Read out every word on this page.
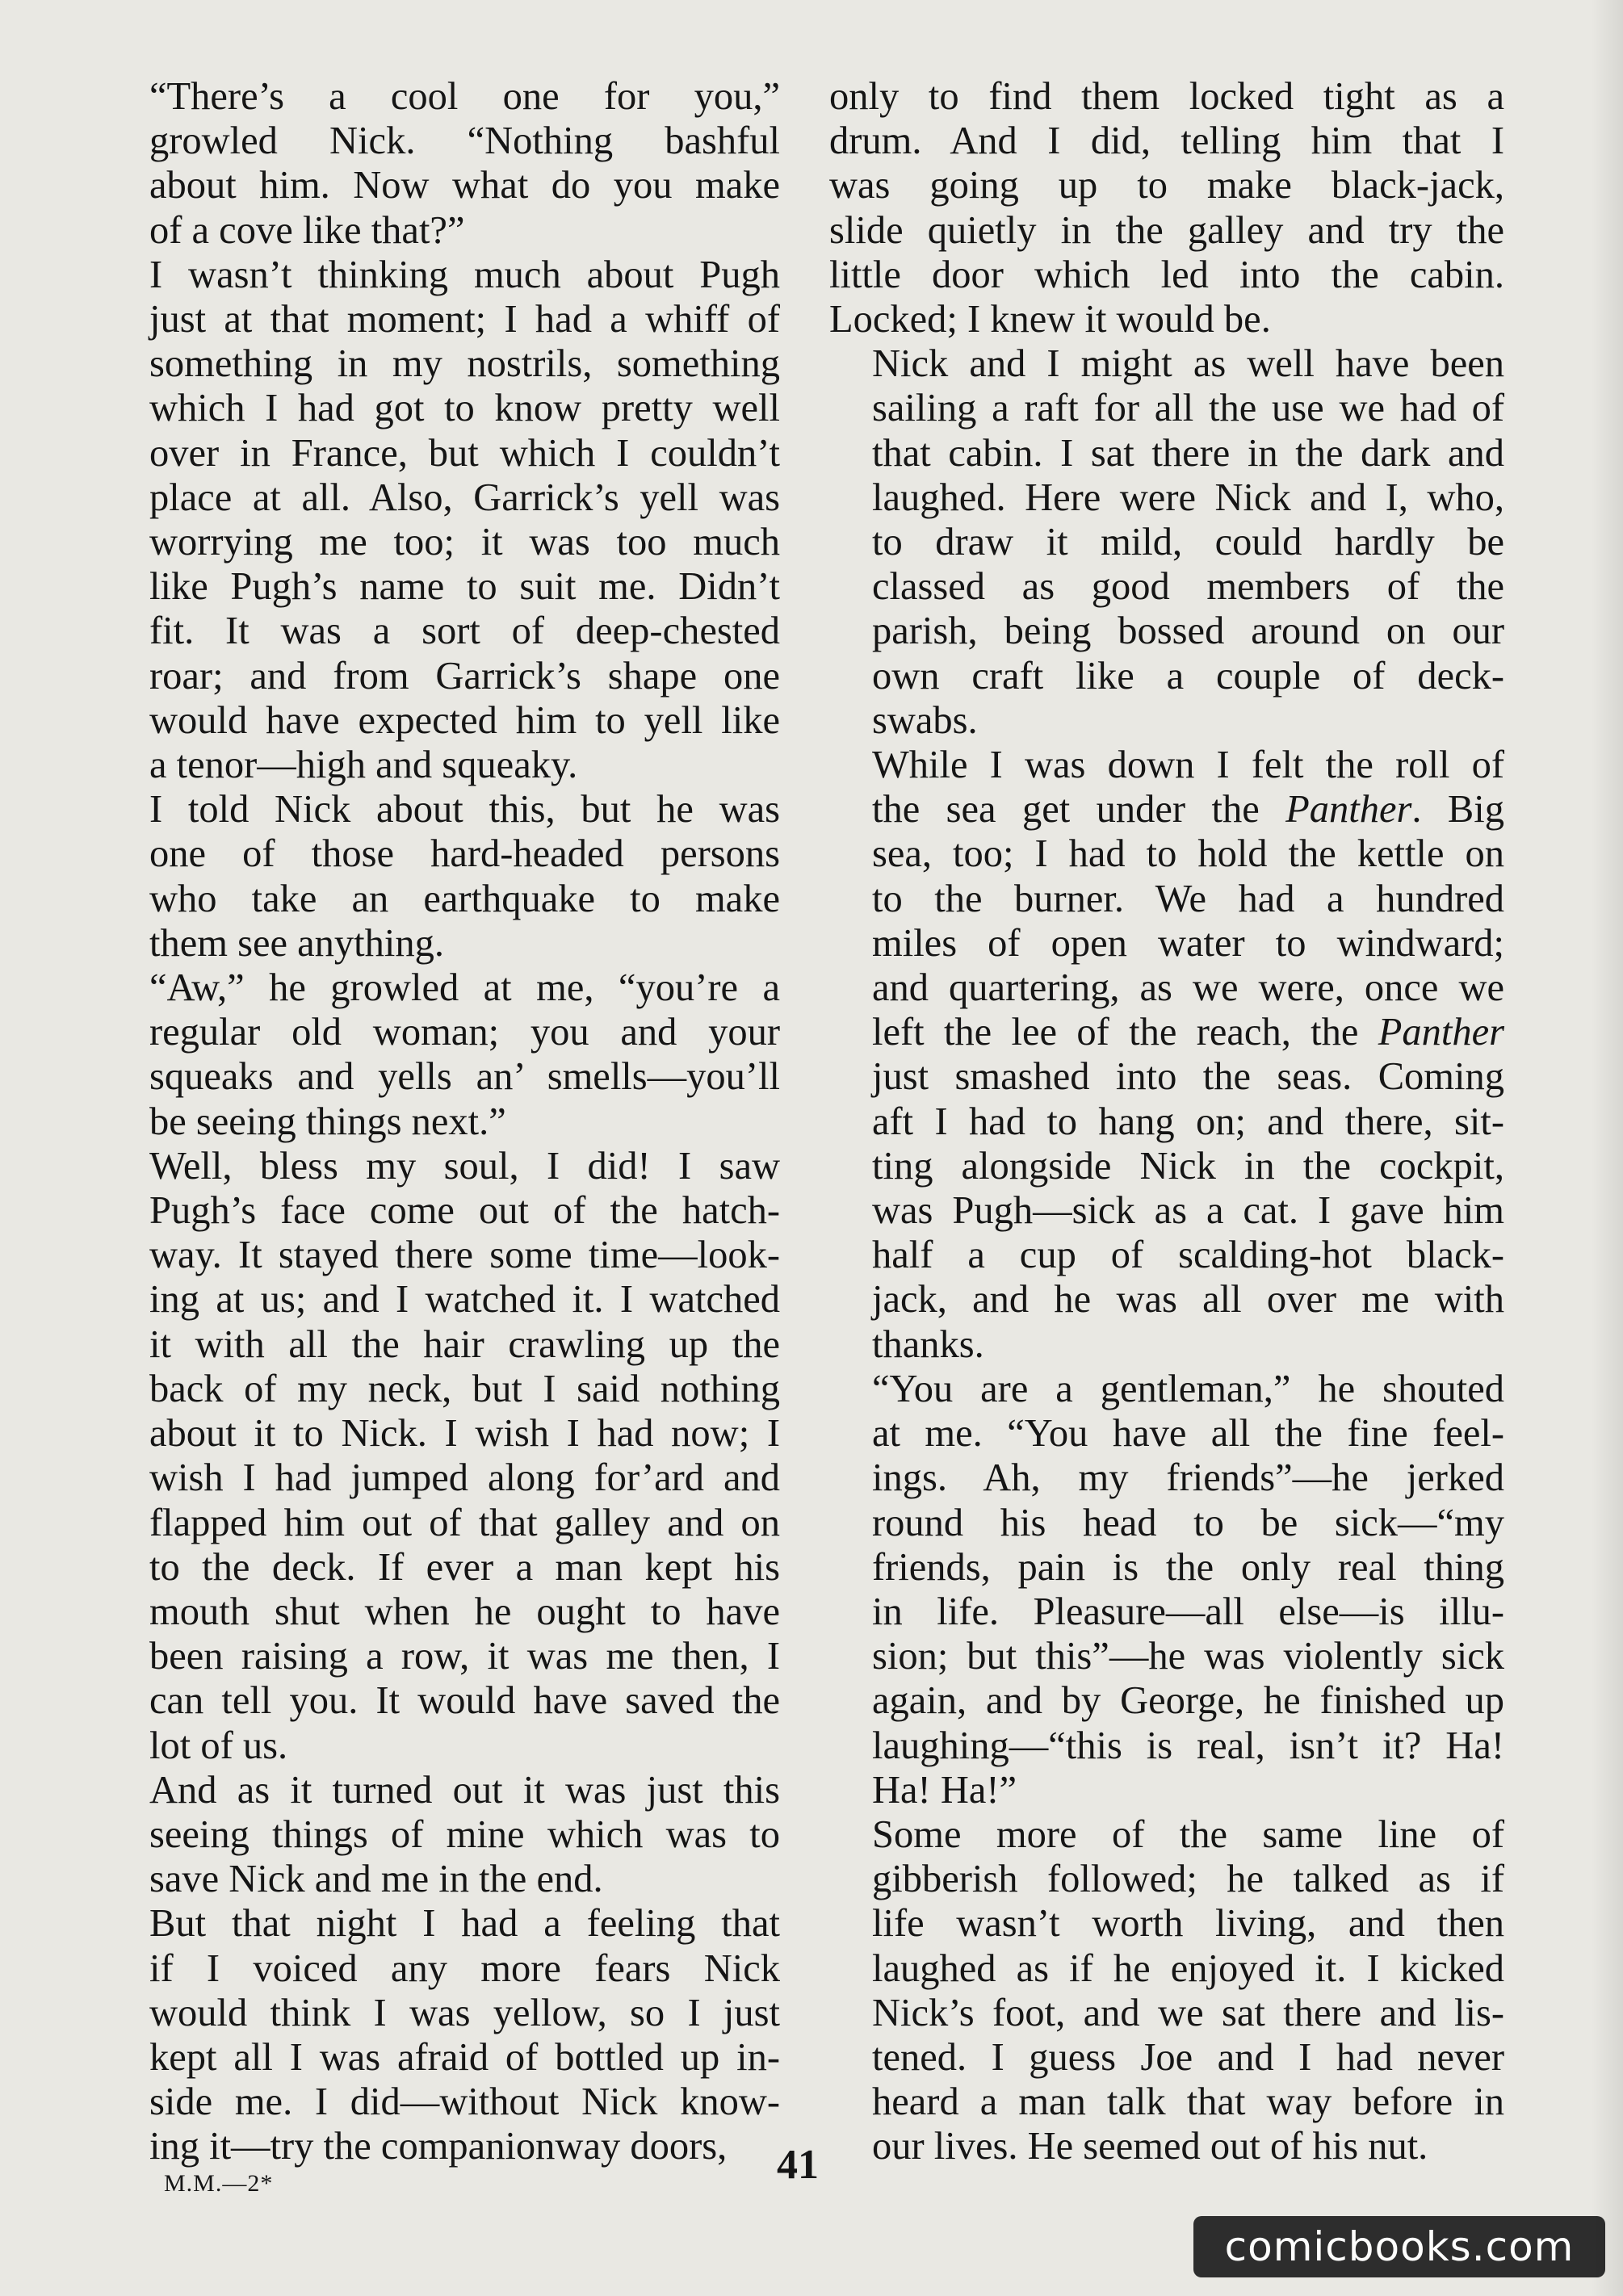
“There’s a cool one for you,”
growled Nick. “Nothing bashful
about him. Now what do you make
of a cove like that?”

I wasn’t thinking much about Pugh
just at that moment; I had a whiff of
something in my nostrils, something
which I had got to know pretty well
over in France, but which I couldn’t
place at all. Also, Garrick’s yell was
worrying me too; it was too much
like Pugh’s name to suit me. Didn’t
fit. It was a sort of deep-chested
roar; and from Garrick’s shape one
would have expected him to yell like
a tenor—high and squeaky.

I told Nick about this, but he was
one of those hard-headed persons
who take an earthquake to make
them see anything.

“Aw,” he growled at me, “you’re a
regular old woman; you and your
squeaks and yells an’ smells—you’ll
be seeing things next.”

Well, bless my soul, I did! I saw
Pugh’s face come out of the hatch-
way. It stayed there some time—look-
ing at us; and I watched it. I watched
it with all the hair crawling up the
back of my neck, but I said nothing
about it to Nick. I wish I had now; I
wish I had jumped along for’ard and
flapped him out of that galley and on
to the deck. If ever a man kept his
mouth shut when he ought to have
been raising a row, it was me then, I
can tell you. It would have saved the
lot of us.

And as it turned out it was just this
seeing things of mine which was to
save Nick and me in the end.

But that night I had a feeling that
if I voiced any more fears Nick
would think I was yellow, so I just
kept all I was afraid of bottled up in-
side me. I did—without Nick know-
ing it—try the companionway doors,

only to find them locked tight as a
drum. And I did, telling him that I
was going up to make black-jack,
slide quietly in the galley and try the
little door which led into the cabin.
Locked; I knew it would be.

Nick and I might as well have been
sailing a raft for all the use we had of
that cabin. I sat there in the dark and
laughed. Here were Nick and I, who,
to draw it mild, could hardly be
classed as good members of the
parish, being bossed around on our
own craft like a couple of deck-
swabs.

While I was down I felt the roll of
the sea get under the Panther. Big
sea, too; I had to hold the kettle on
to the burner. We had a hundred
miles of open water to windward;
and quartering, as we were, once we
left the lee of the reach, the Panther
just smashed into the seas. Coming
aft I had to hang on; and there, sit-
ting alongside Nick in the cockpit,
was Pugh—sick as a cat. I gave him
half a cup of scalding-hot black-
jack, and he was all over me with
thanks.

“You are a gentleman,” he shouted
at me. “You have all the fine feel-
ings. Ah, my friends”—he jerked
round his head to be sick—“my
friends, pain is the only real thing
in life. Pleasure—all else—is illu-
sion; but this”—he was violently sick
again, and by George, he finished up
laughing—“this is real, isn’t it? Ha!
Ha! Ha!”

Some more of the same line of
gibberish followed; he talked as if
life wasn’t worth living, and then
laughed as if he enjoyed it. I kicked
Nick’s foot, and we sat there and lis-
tened. I guess Joe and I had never
heard a man talk that way before in
our lives. He seemed out of his nut.

M.M.—2*	41
comicbooks.com
